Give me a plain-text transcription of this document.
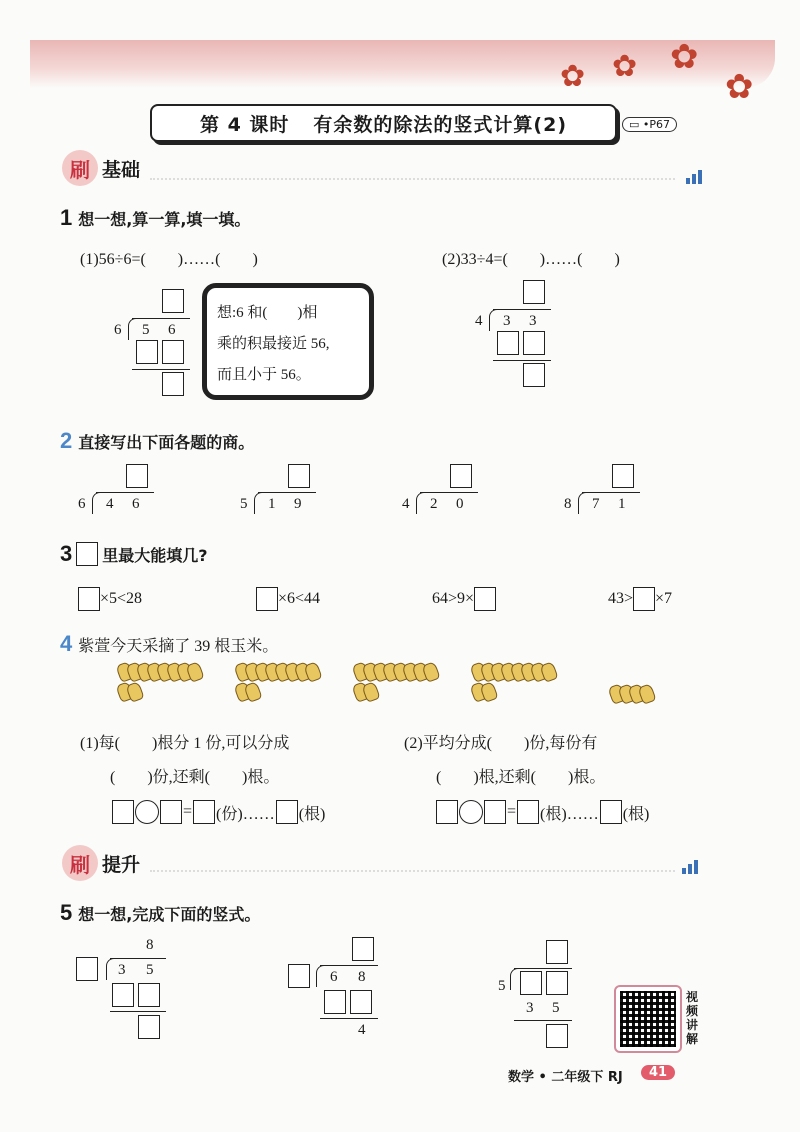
✿ ✿ ✿
✿
第 4 课时 有余数的除法的竖式计算(2)	▭ •P67
刷 基础
1 想一想,算一算,填一填。
(1)56÷6=(　　)……(　　)	(2)33÷4=(　　)……(　　)
6 5 6
想:6 和(　　)相
乘的积最接近 56,
而且小于 56。
4 3 3
2 直接写出下面各题的商。
6 4 6	5 1 9	4 2 0	8 7 1
3 里最大能填几?
×5<28	×6<44	64>9×	43> ×7
4 紫萱今天采摘了 39 根玉米。
(1)每(　　)根分 1 份,可以分成
(　　)份,还剩(　　)根。
(2)平均分成(　　)份,每份有
(　　)根,还剩(　　)根。
= (份)…… (根)	= (根)…… (根)
刷 提升
5 想一想,完成下面的竖式。
8
3 5	6 8
4
5
3 5
视频讲解
数学 • 二年级下 RJ	41
